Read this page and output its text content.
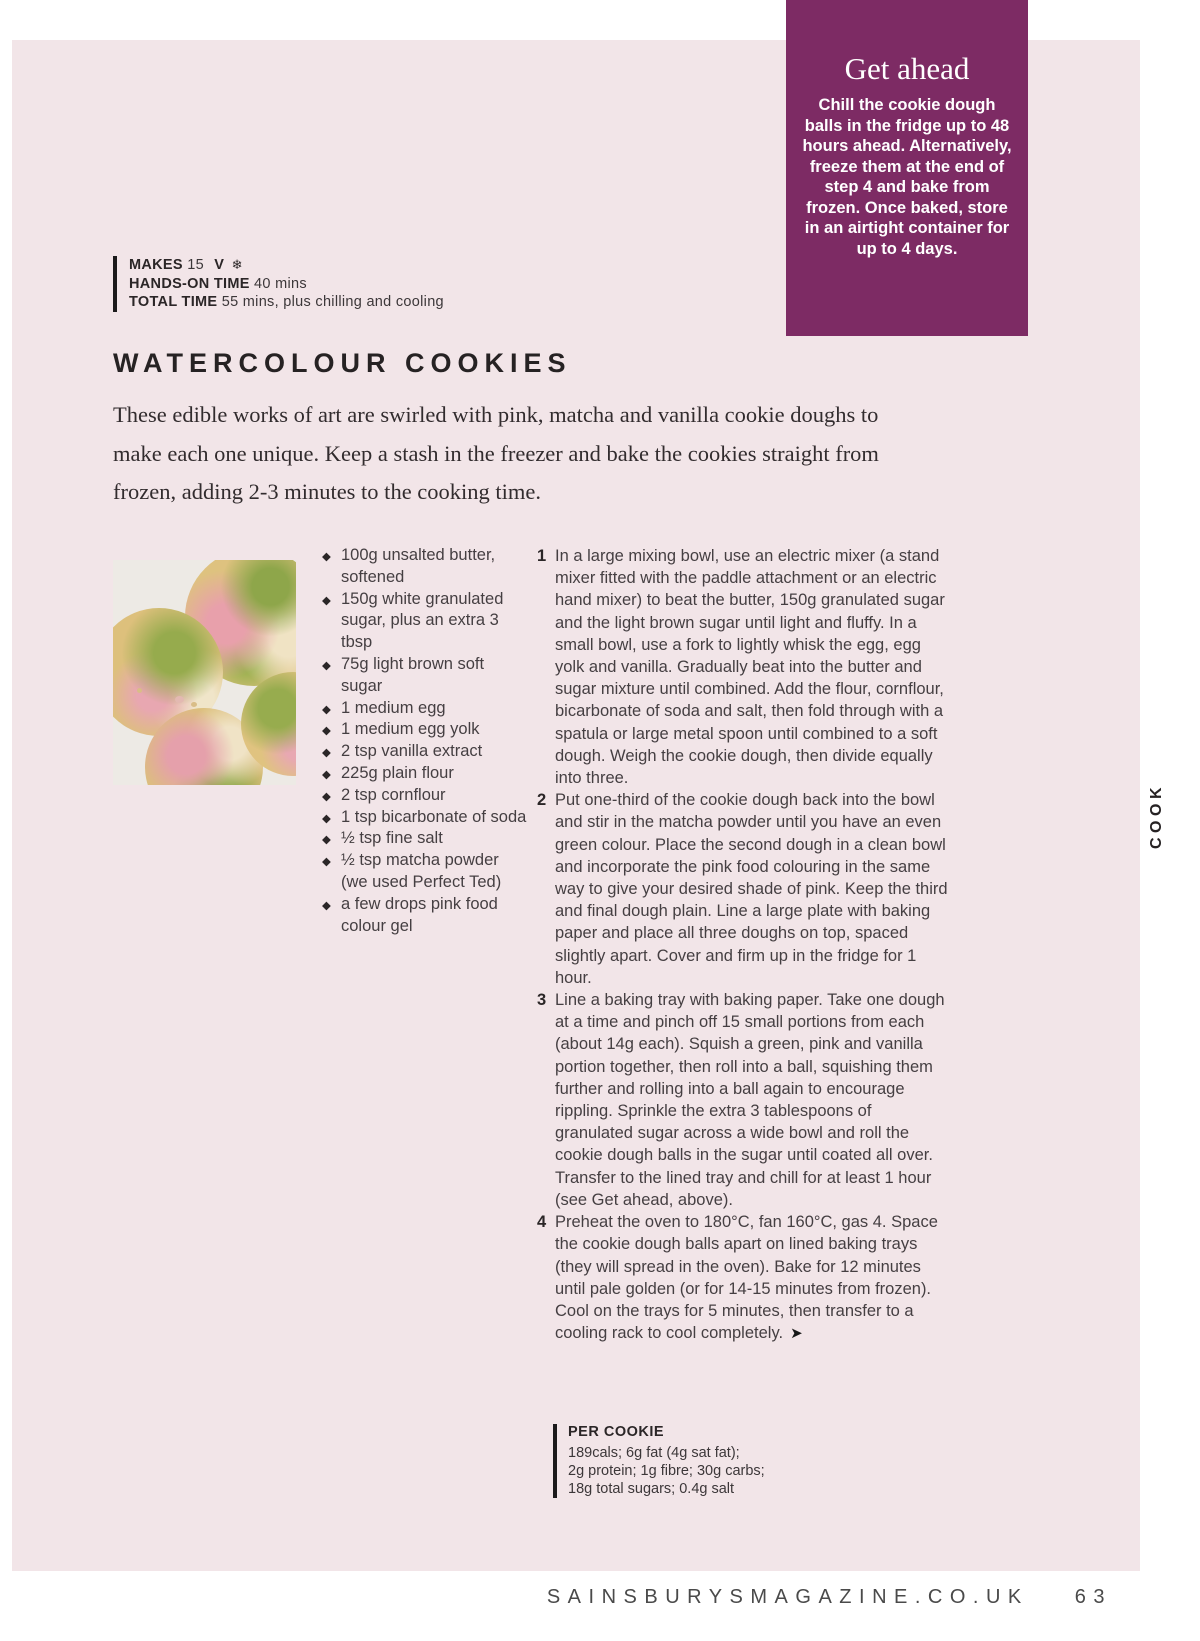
Get ahead
Chill the cookie dough balls in the fridge up to 48 hours ahead. Alternatively, freeze them at the end of step 4 and bake from frozen. Once baked, store in an airtight container for up to 4 days.
MAKES 15 V ❄
HANDS-ON TIME 40 mins
TOTAL TIME 55 mins, plus chilling and cooling
WATERCOLOUR COOKIES
These edible works of art are swirled with pink, matcha and vanilla cookie doughs to make each one unique. Keep a stash in the freezer and bake the cookies straight from frozen, adding 2-3 minutes to the cooking time.
◆ 100g unsalted butter, softened
◆ 150g white granulated sugar, plus an extra 3 tbsp
◆ 75g light brown soft sugar
◆ 1 medium egg
◆ 1 medium egg yolk
◆ 2 tsp vanilla extract
◆ 225g plain flour
◆ 2 tsp cornflour
◆ 1 tsp bicarbonate of soda
◆ ½ tsp fine salt
◆ ½ tsp matcha powder (we used Perfect Ted)
◆ a few drops pink food colour gel
1 In a large mixing bowl, use an electric mixer (a stand mixer fitted with the paddle attachment or an electric hand mixer) to beat the butter, 150g granulated sugar and the light brown sugar until light and fluffy. In a small bowl, use a fork to lightly whisk the egg, egg yolk and vanilla. Gradually beat into the butter and sugar mixture until combined. Add the flour, cornflour, bicarbonate of soda and salt, then fold through with a spatula or large metal spoon until combined to a soft dough. Weigh the cookie dough, then divide equally into three.
2 Put one-third of the cookie dough back into the bowl and stir in the matcha powder until you have an even green colour. Place the second dough in a clean bowl and incorporate the pink food colouring in the same way to give your desired shade of pink. Keep the third and final dough plain. Line a large plate with baking paper and place all three doughs on top, spaced slightly apart. Cover and firm up in the fridge for 1 hour.
3 Line a baking tray with baking paper. Take one dough at a time and pinch off 15 small portions from each (about 14g each). Squish a green, pink and vanilla portion together, then roll into a ball, squishing them further and rolling into a ball again to encourage rippling. Sprinkle the extra 3 tablespoons of granulated sugar across a wide bowl and roll the cookie dough balls in the sugar until coated all over. Transfer to the lined tray and chill for at least 1 hour (see Get ahead, above).
4 Preheat the oven to 180°C, fan 160°C, gas 4. Space the cookie dough balls apart on lined baking trays (they will spread in the oven). Bake for 12 minutes until pale golden (or for 14-15 minutes from frozen). Cool on the trays for 5 minutes, then transfer to a cooling rack to cool completely. ➤
PER COOKIE
189cals; 6g fat (4g sat fat);
2g protein; 1g fibre; 30g carbs;
18g total sugars; 0.4g salt
SAINSBURYSMAGAZINE.CO.UK 63
COOK
